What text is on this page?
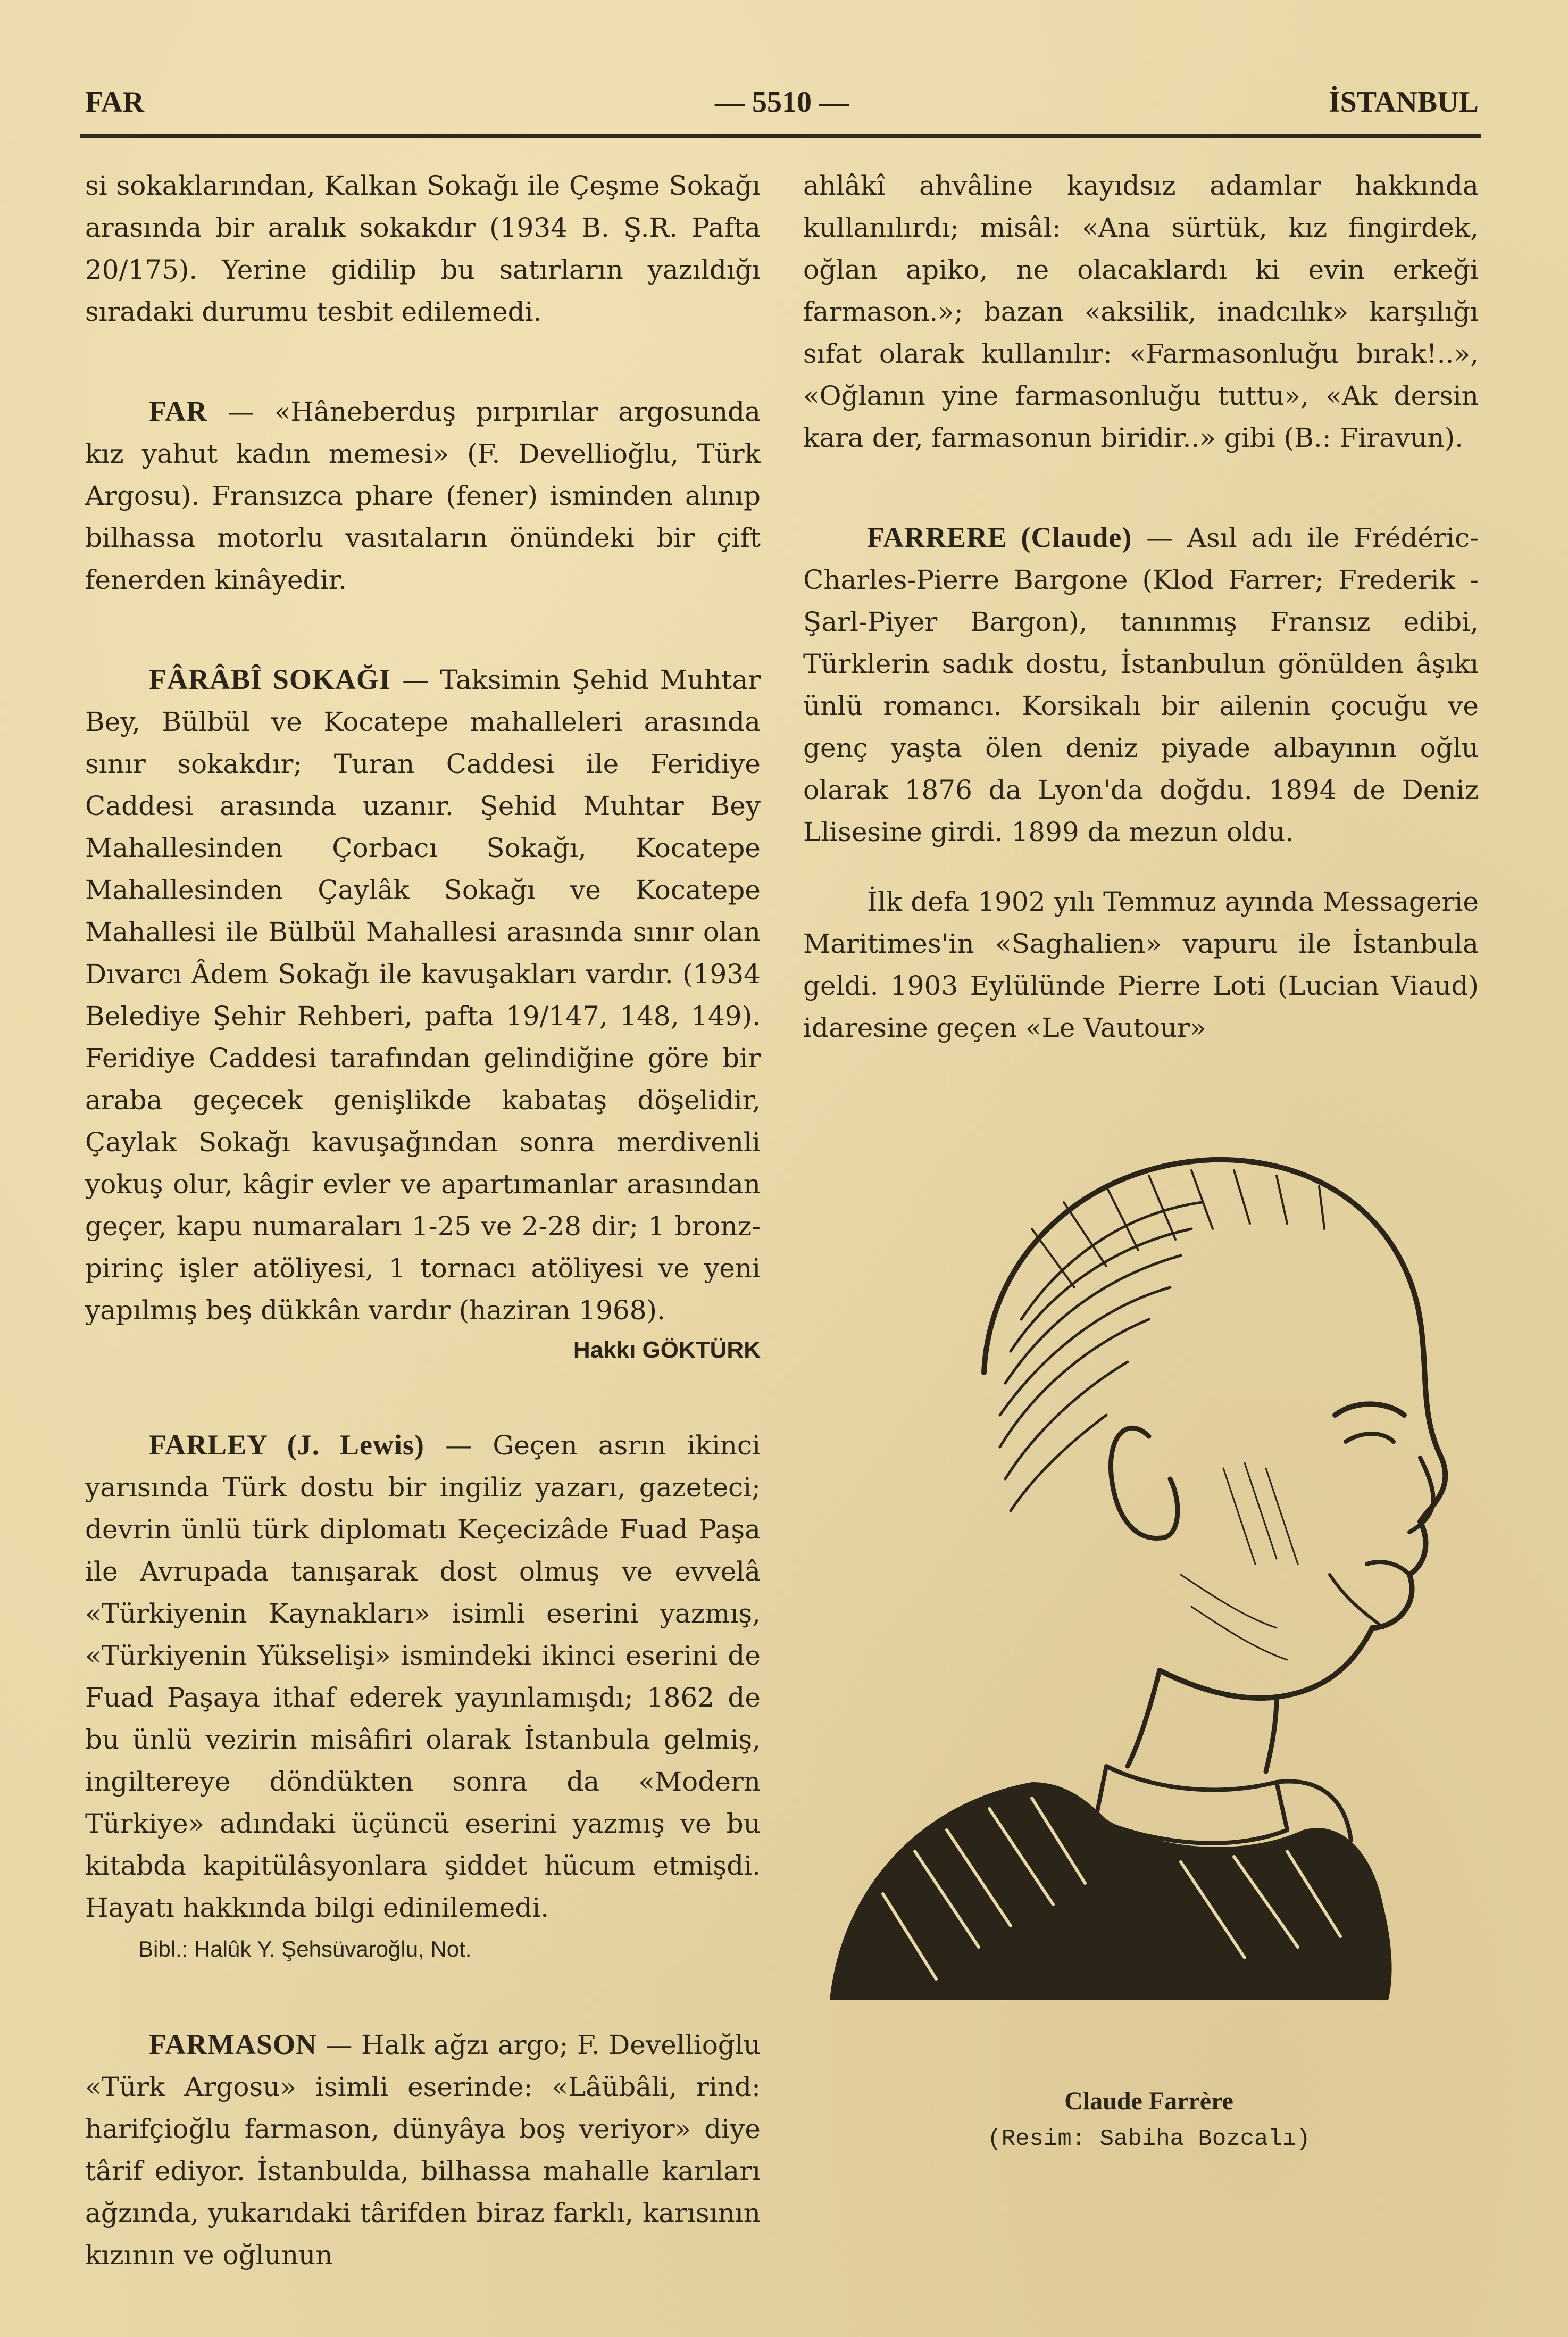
FAR	— 5510 —	İSTANBUL

si sokaklarından, Kalkan Sokağı ile Çeşme Sokağı arasında bir aralık sokakdır (1934 B. Ş.R. Pafta 20/175). Yerine gidilip bu satırların yazıldığı sıradaki durumu tesbit edilemedi.

FAR — «Hâneberduş pırpırılar argosunda kız yahut kadın memesi» (F. Devellioğlu, Türk Argosu). Fransızca phare (fener) isminden alınıp bilhassa motorlu vasıtaların önündeki bir çift fenerden kinâyedir.

FÂRÂBÎ SOKAĞI — Taksimin Şehid Muhtar Bey, Bülbül ve Kocatepe mahalleleri arasında sınır sokakdır; Turan Caddesi ile Feridiye Caddesi arasında uzanır. Şehid Muhtar Bey Mahallesinden Çorbacı Sokağı, Kocatepe Mahallesinden Çaylâk Sokağı ve Kocatepe Mahallesi ile Bülbül Mahallesi arasında sınır olan Dıvarcı Âdem Sokağı ile kavuşakları vardır. (1934 Belediye Şehir Rehberi, pafta 19/147, 148, 149). Feridiye Caddesi tarafından gelindiğine göre bir araba geçecek genişlikde kabataş döşelidir, Çaylak Sokağı kavuşağından sonra merdivenli yokuş olur, kâgir evler ve apartımanlar arasından geçer, kapu numaraları 1-25 ve 2-28 dir; 1 bronz-pirinç işler atöliyesi, 1 tornacı atöliyesi ve yeni yapılmış beş dükkân vardır (haziran 1968).

Hakkı GÖKTÜRK

FARLEY (J. Lewis) — Geçen asrın ikinci yarısında Türk dostu bir ingiliz yazarı, gazeteci; devrin ünlü türk diplomatı Keçecizâde Fuad Paşa ile Avrupada tanışarak dost olmuş ve evvelâ «Türkiyenin Kaynakları» isimli eserini yazmış, «Türkiyenin Yükselişi» ismindeki ikinci eserini de Fuad Paşaya ithaf ederek yayınlamışdı; 1862 de bu ünlü vezirin misâfiri olarak İstanbula gelmiş, ingiltereye döndükten sonra da «Modern Türkiye» adındaki üçüncü eserini yazmış ve bu kitabda kapitülâsyonlara şiddet hücum etmişdi. Hayatı hakkında bilgi edinilemedi.

Bibl.: Halûk Y. Şehsüvaroğlu, Not.

FARMASON — Halk ağzı argo; F. Devellioğlu «Türk Argosu» isimli eserinde: «Lâübâli, rind: harifçioğlu farmason, dünyâya boş veriyor» diye târif ediyor. İstanbulda, bilhassa mahalle karıları ağzında, yukarıdaki târifden biraz farklı, karısının kızının ve oğlunun

ahlâkî ahvâline kayıdsız adamlar hakkında kullanılırdı; misâl: «Ana sürtük, kız fingirdek, oğlan apiko, ne olacaklardı ki evin erkeği farmason.»; bazan «aksilik, inadcılık» karşılığı sıfat olarak kullanılır: «Farmasonluğu bırak!..», «Oğlanın yine farmasonluğu tuttu», «Ak dersin kara der, farmasonun biridir..» gibi (B.: Firavun).

FARRERE (Claude) — Asıl adı ile Frédéric-Charles-Pierre Bargone (Klod Farrer; Frederik - Şarl-Piyer Bargon), tanınmış Fransız edibi, Türklerin sadık dostu, İstanbulun gönülden âşıkı ünlü romancı. Korsikalı bir ailenin çocuğu ve genç yaşta ölen deniz piyade albayının oğlu olarak 1876 da Lyon'da doğdu. 1894 de Deniz Llisesine girdi. 1899 da mezun oldu.

İlk defa 1902 yılı Temmuz ayında Messagerie Maritimes'in «Saghalien» vapuru ile İstanbula geldi. 1903 Eylülünde Pierre Loti (Lucian Viaud) idaresine geçen «Le Vautour»

Claude Farrère
(Resim: Sabiha Bozcalı)
